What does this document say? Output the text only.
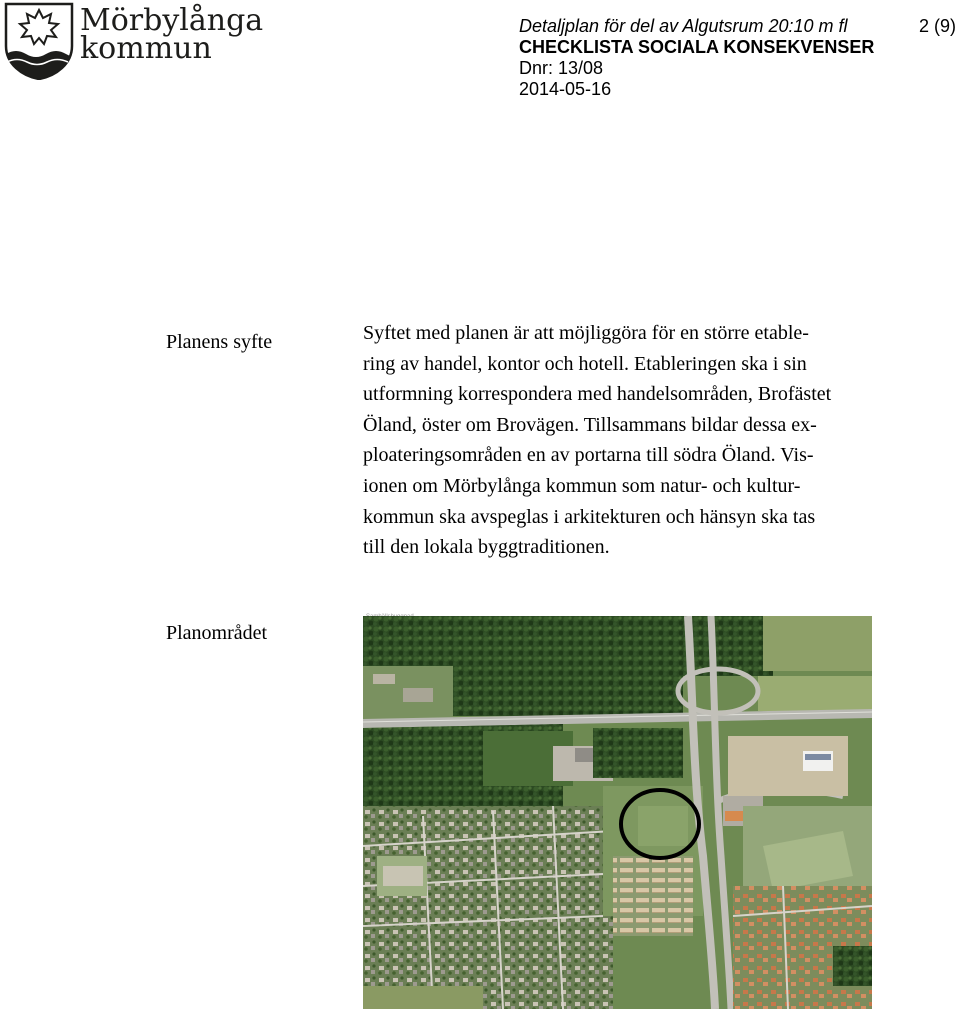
Mörbylånga
kommun
Detaljplan för del av Algutsrum 20:10 m fl
CHECKLISTA SOCIALA KONSEKVENSER
Dnr: 13/08
2014-05-16
2 (9)
Planens syfte	Syftet med planen är att möjliggöra för en större etable-
ring av handel, kontor och hotell. Etableringen ska i sin
utformning korrespondera med handelsområden, Brofästet
Öland, öster om Brovägen. Tillsammans bildar dessa ex-
ploateringsområden en av portarna till södra Öland. Vis-
ionen om Mörbylånga kommun som natur- och kultur-
kommun ska avspeglas i arkitekturen och hänsyn ska tas
till den lokala byggtraditionen.
Planområdet
